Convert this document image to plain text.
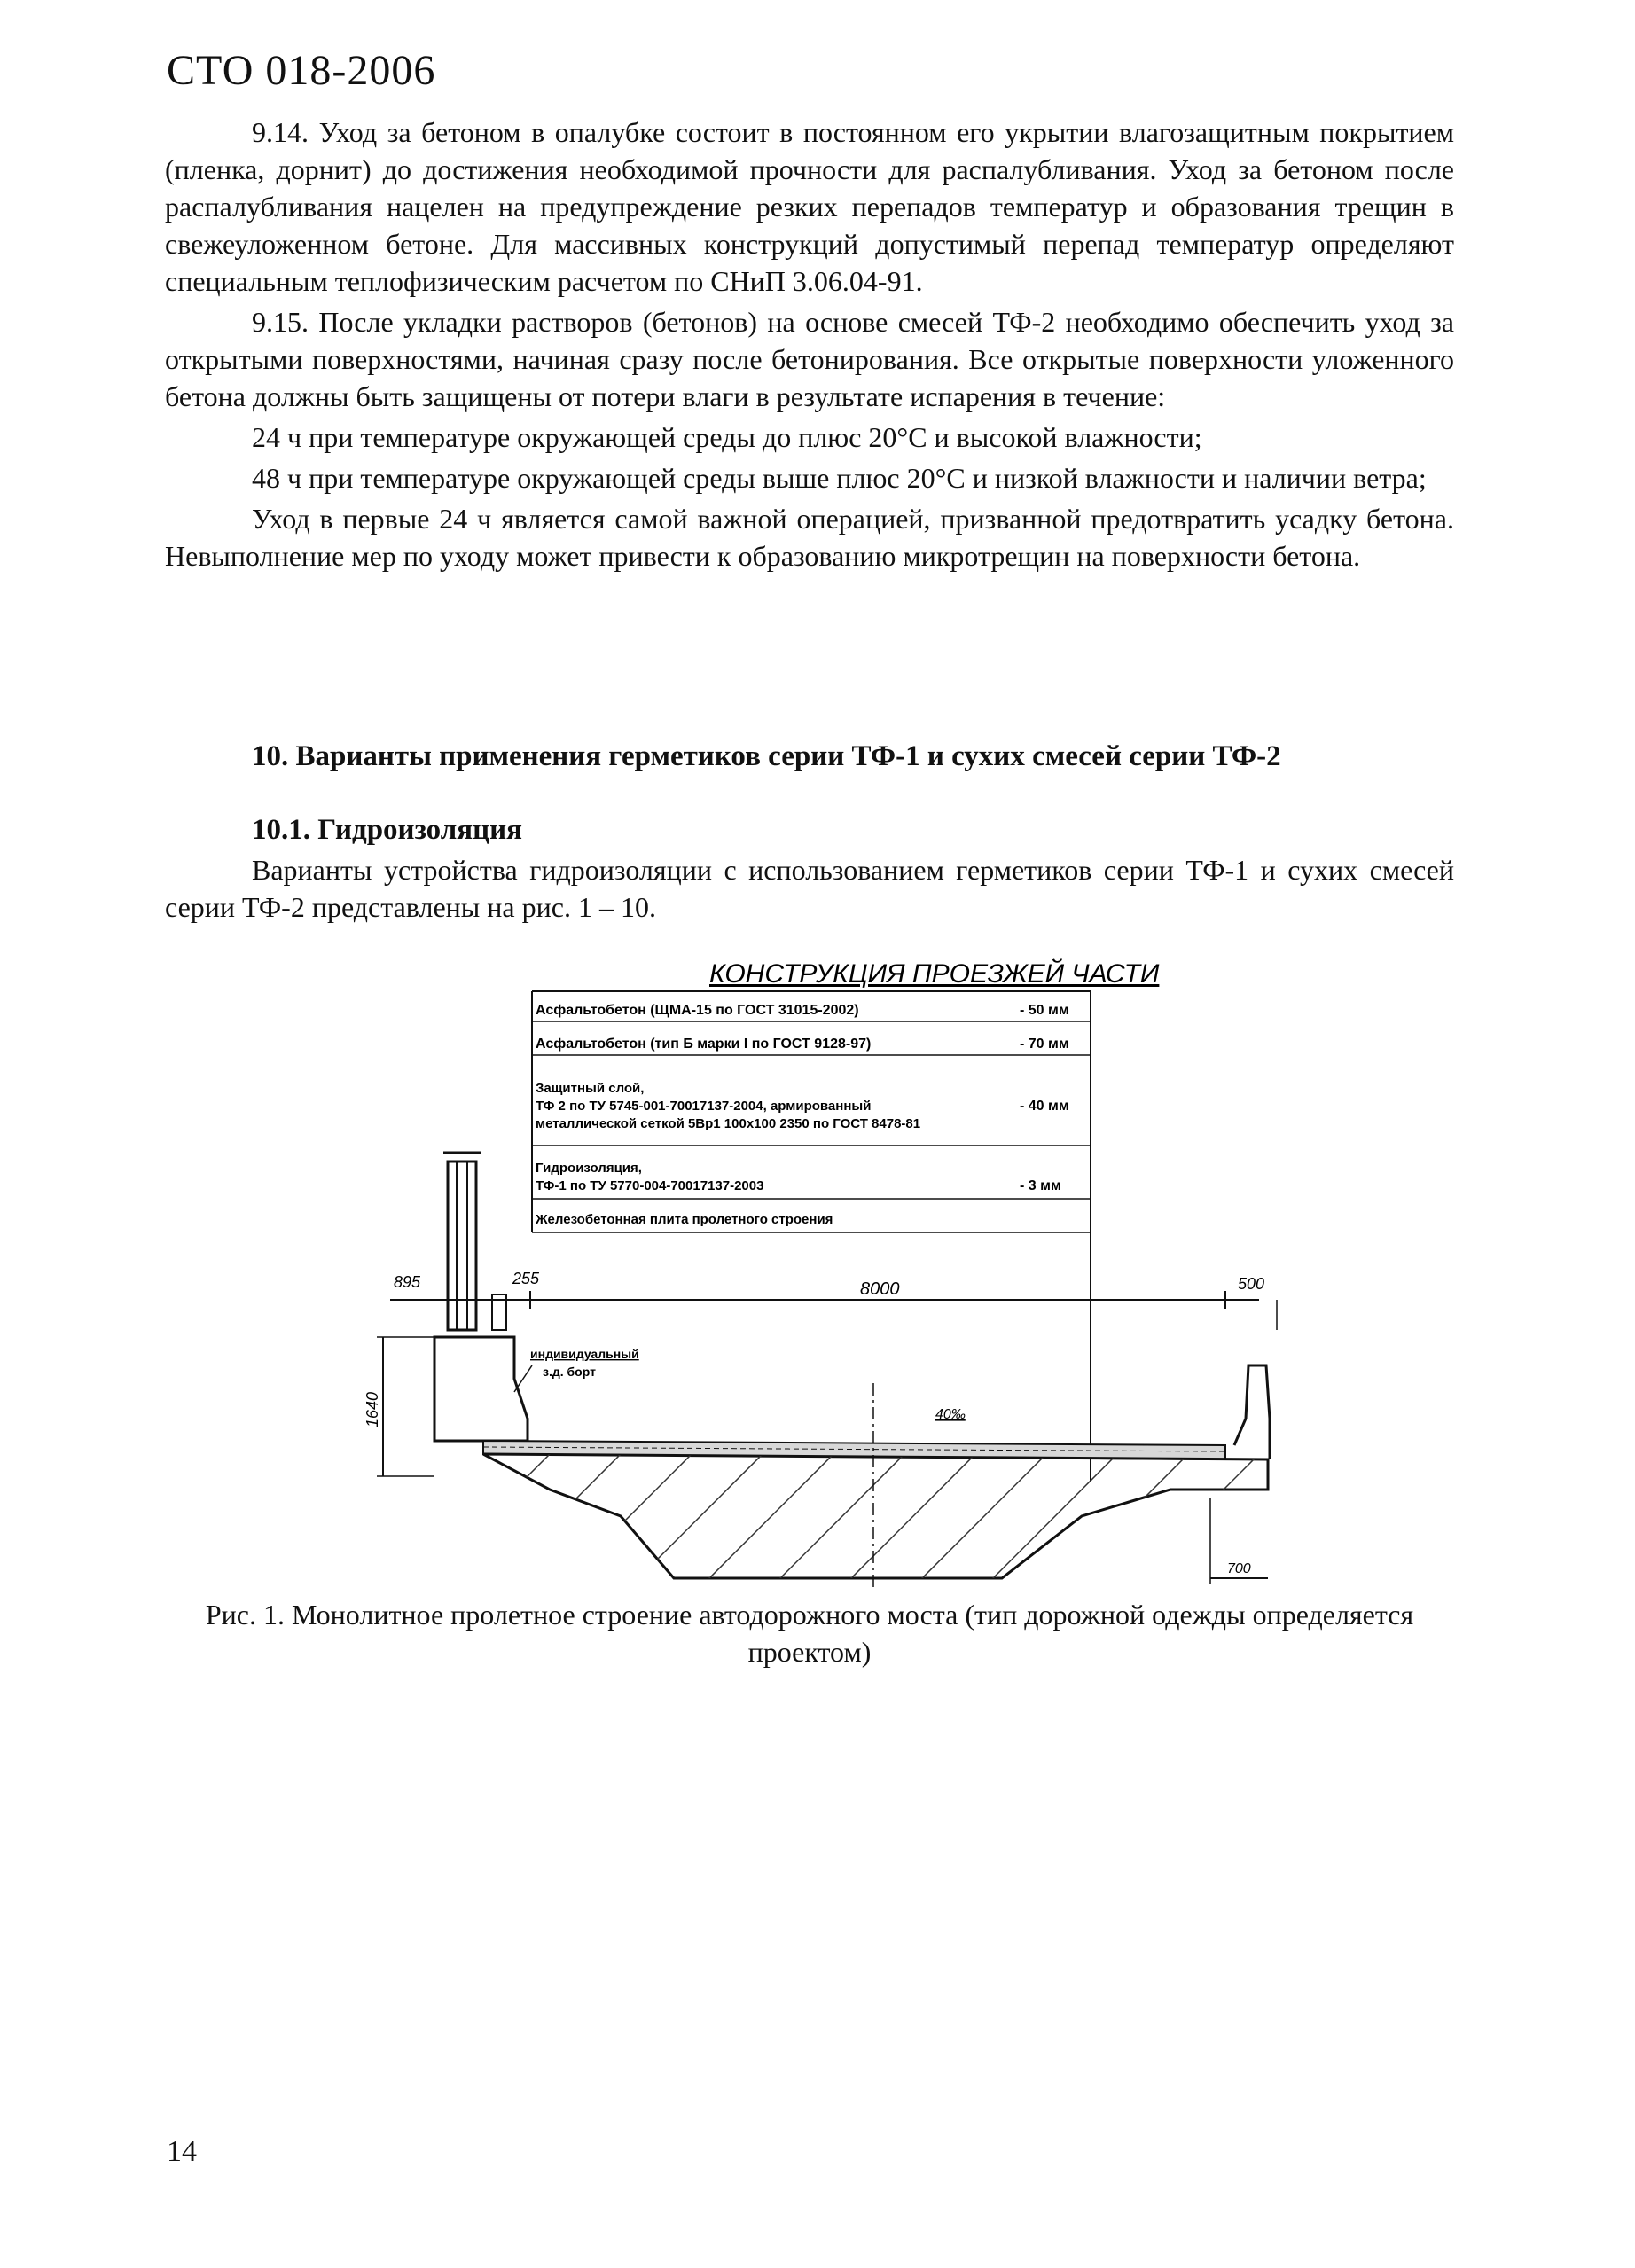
СТО 018-2006

9.14. Уход за бетоном в опалубке состоит в постоянном его укрытии влагозащитным покрытием (пленка, дорнит) до достижения необходимой прочности для распалубливания. Уход за бетоном после распалубливания нацелен на предупреждение резких перепадов температур и образования трещин в свежеуложенном бетоне. Для массивных конструкций допустимый перепад температур определяют специальным теплофизическим расчетом по СНиП 3.06.04-91.

9.15. После укладки растворов (бетонов) на основе смесей ТФ-2 необходимо обеспечить уход за открытыми поверхностями, начиная сразу после бетонирования. Все открытые поверхности уложенного бетона должны быть защищены от потери влаги в результате испарения в течение:

24 ч при температуре окружающей среды до плюс 20°С и высокой влажности;

48 ч при температуре окружающей среды выше плюс 20°С и низкой влажности и наличии ветра;

Уход в первые 24 ч является самой важной операцией, призванной предотвратить усадку бетона. Невыполнение мер по уходу может привести к образованию микротрещин на поверхности бетона.

10. Варианты применения герметиков серии ТФ-1 и сухих смесей серии ТФ-2
10.1. Гидроизоляция
Варианты устройства гидроизоляции с использованием герметиков серии ТФ-1 и сухих смесей серии ТФ-2 представлены на рис. 1 – 10.
КОНСТРУКЦИЯ ПРОЕЗЖЕЙ ЧАСТИ
Асфальтобетон (ЩМА-15 по ГОСТ 31015-2002)	- 50 мм
Асфальтобетон (тип Б марки I по ГОСТ 9128-97)	- 70 мм
Защитный слой,
ТФ 2 по ТУ 5745-001-70017137-2004, армированный
металлической сеткой 5Вр1 100х100 2350 по ГОСТ 8478-81
- 40 мм
Гидроизоляция,
ТФ-1 по ТУ 5770-004-70017137-2003	- 3 мм
Железобетонная плита пролетного строения
895	255
8000	500
1640
индивидуальный
з.д. борт
700
40‰
Рис. 1. Монолитное пролетное строение автодорожного моста (тип дорожной одежды определяется проектом)
14
